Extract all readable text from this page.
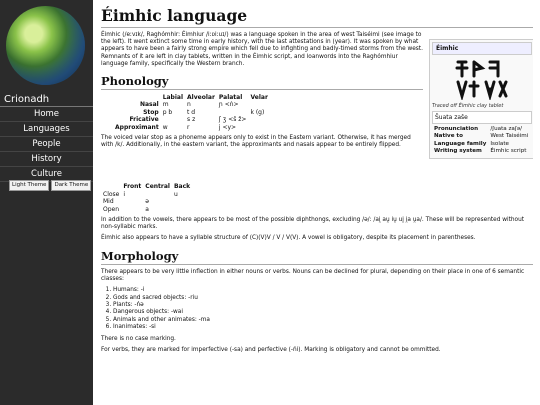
Crionadh
Home
Languages
People
History
Culture
Light Theme	Dark Theme
Éimhic language
Éimhic
Traced off Éimhic clay tablet
Šuata zaše
Pronunciation	/ʃuata zaʃə/
Native to	West Taiséimi
Language family	Isolate
Writing system	Éimhic script

Éimhic (/eːvɪk/, Raghómhir: Éimhiur /iːʋiːuɪ/) was a language spoken in the area of west Taiséimi (see image to the left). It went extinct some time in early history, with the last attestations in (year). It was spoken by what appears to have been a fairly strong empire which fell due to infighting and badly-timed storms from the west. Remnants of it are left in clay tablets, written in the Éimhic script, and loanwords into the Raghómhiur language family, specifically the Western branch.

Phonology
	Labial	Alveolar	Palatal	Velar
Nasal	m	n	ɲ <ṅ>	
Stop	p b	t d		k (g)
Fricative		s z	ʃ ʒ <š ž>	
Approximant	w	r	j <y>	

The voiced velar stop as a phoneme appears only to exist in the Eastern variant. Otherwise, it has merged with /k/. Additionally, in the eastern variant, the approximants and nasals appear to be entirely flipped.

	Front	Central	Back
Close	i		u
Mid		ə	
Open		a	

In addition to the vowels, there appears to be most of the possible diphthongs, excluding /ə/: /ai̯ au̯ iu̯ ui̯ i̯a u̯a/. These will be represented without non-syllabic marks.

Éimhic also appears to have a syllable structure of (C)(V)V / V / V(V). A vowel is obligatory, despite its placement in parentheses.

Morphology

There appears to be very little inflection in either nouns or verbs. Nouns can be declined for plural, depending on their place in one of 6 semantic classes:

1. Humans: -i
2. Gods and sacred objects: -riu
3. Plants: -ńə
4. Dangerous objects: -wai
5. Animals and other animates: -ma
6. Inanimates: -si

There is no case marking.

For verbs, they are marked for imperfective (-sa) and perfective (-ńi). Marking is obligatory and cannot be ommitted.
